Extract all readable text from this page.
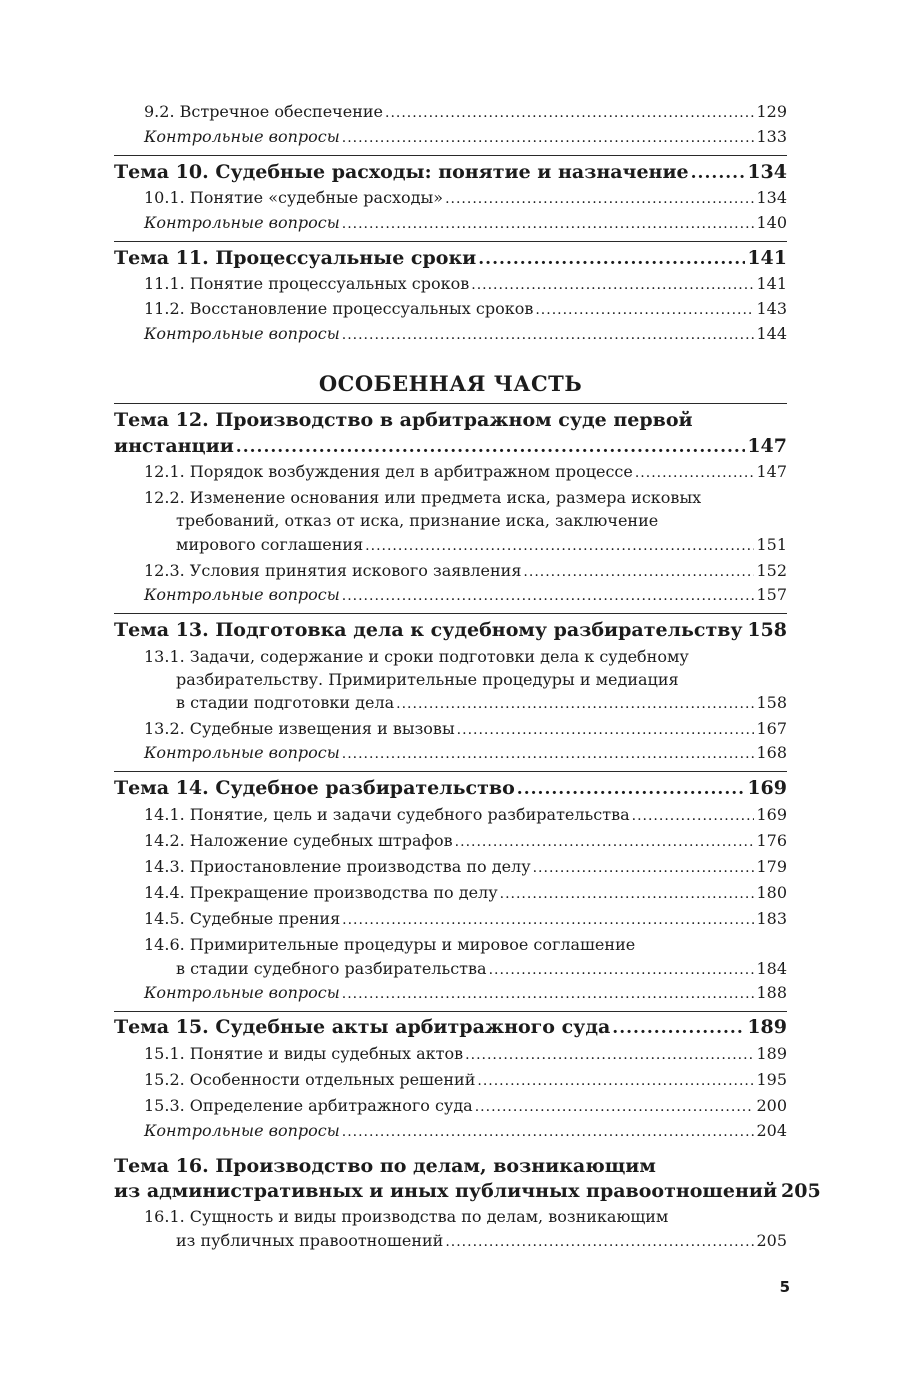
9.2. Встречное обеспечение .....	129
Контрольные вопросы .....	133
Тема 10. Судебные расходы: понятие и назначение .....	134
10.1. Понятие «судебные расходы» .....	134
Контрольные вопросы .....	140
Тема 11. Процессуальные сроки .....	141
11.1. Понятие процессуальных сроков .....	141
11.2. Восстановление процессуальных сроков .....	143
Контрольные вопросы .....	144
ОСОБЕННАЯ ЧАСТЬ
Тема 12. Производство в арбитражном суде первой
инстанции .....	147
12.1. Порядок возбуждения дел в арбитражном процессе .....	147
12.2. Изменение основания или предмета иска, размера исковых
требований, отказ от иска, признание иска, заключение
мирового соглашения .....	151
12.3. Условия принятия искового заявления .....	152
Контрольные вопросы .....	157
Тема 13. Подготовка дела к судебному разбирательству ..... 158
13.1. Задачи, содержание и сроки подготовки дела к судебному
разбирательству. Примирительные процедуры и медиация
в стадии подготовки дела .....	158
13.2. Судебные извещения и вызовы .....	167
Контрольные вопросы .....	168
Тема 14. Судебное разбирательство .....	169
14.1. Понятие, цель и задачи судебного разбирательства .....	169
14.2. Наложение судебных штрафов .....	176
14.3. Приостановление производства по делу .....	179
14.4. Прекращение производства по делу .....	180
14.5. Судебные прения .....	183
14.6. Примирительные процедуры и мировое соглашение
в стадии судебного разбирательства .....	184
Контрольные вопросы .....	188
Тема 15. Судебные акты арбитражного суда .....	189
15.1. Понятие и виды судебных актов .....	189
15.2. Особенности отдельных решений .....	195
15.3. Определение арбитражного суда .....	200
Контрольные вопросы .....	204
Тема 16. Производство по делам, возникающим
из административных и иных публичных правоотношений 205
16.1. Сущность и виды производства по делам, возникающим
из публичных правоотношений .....	205
5
